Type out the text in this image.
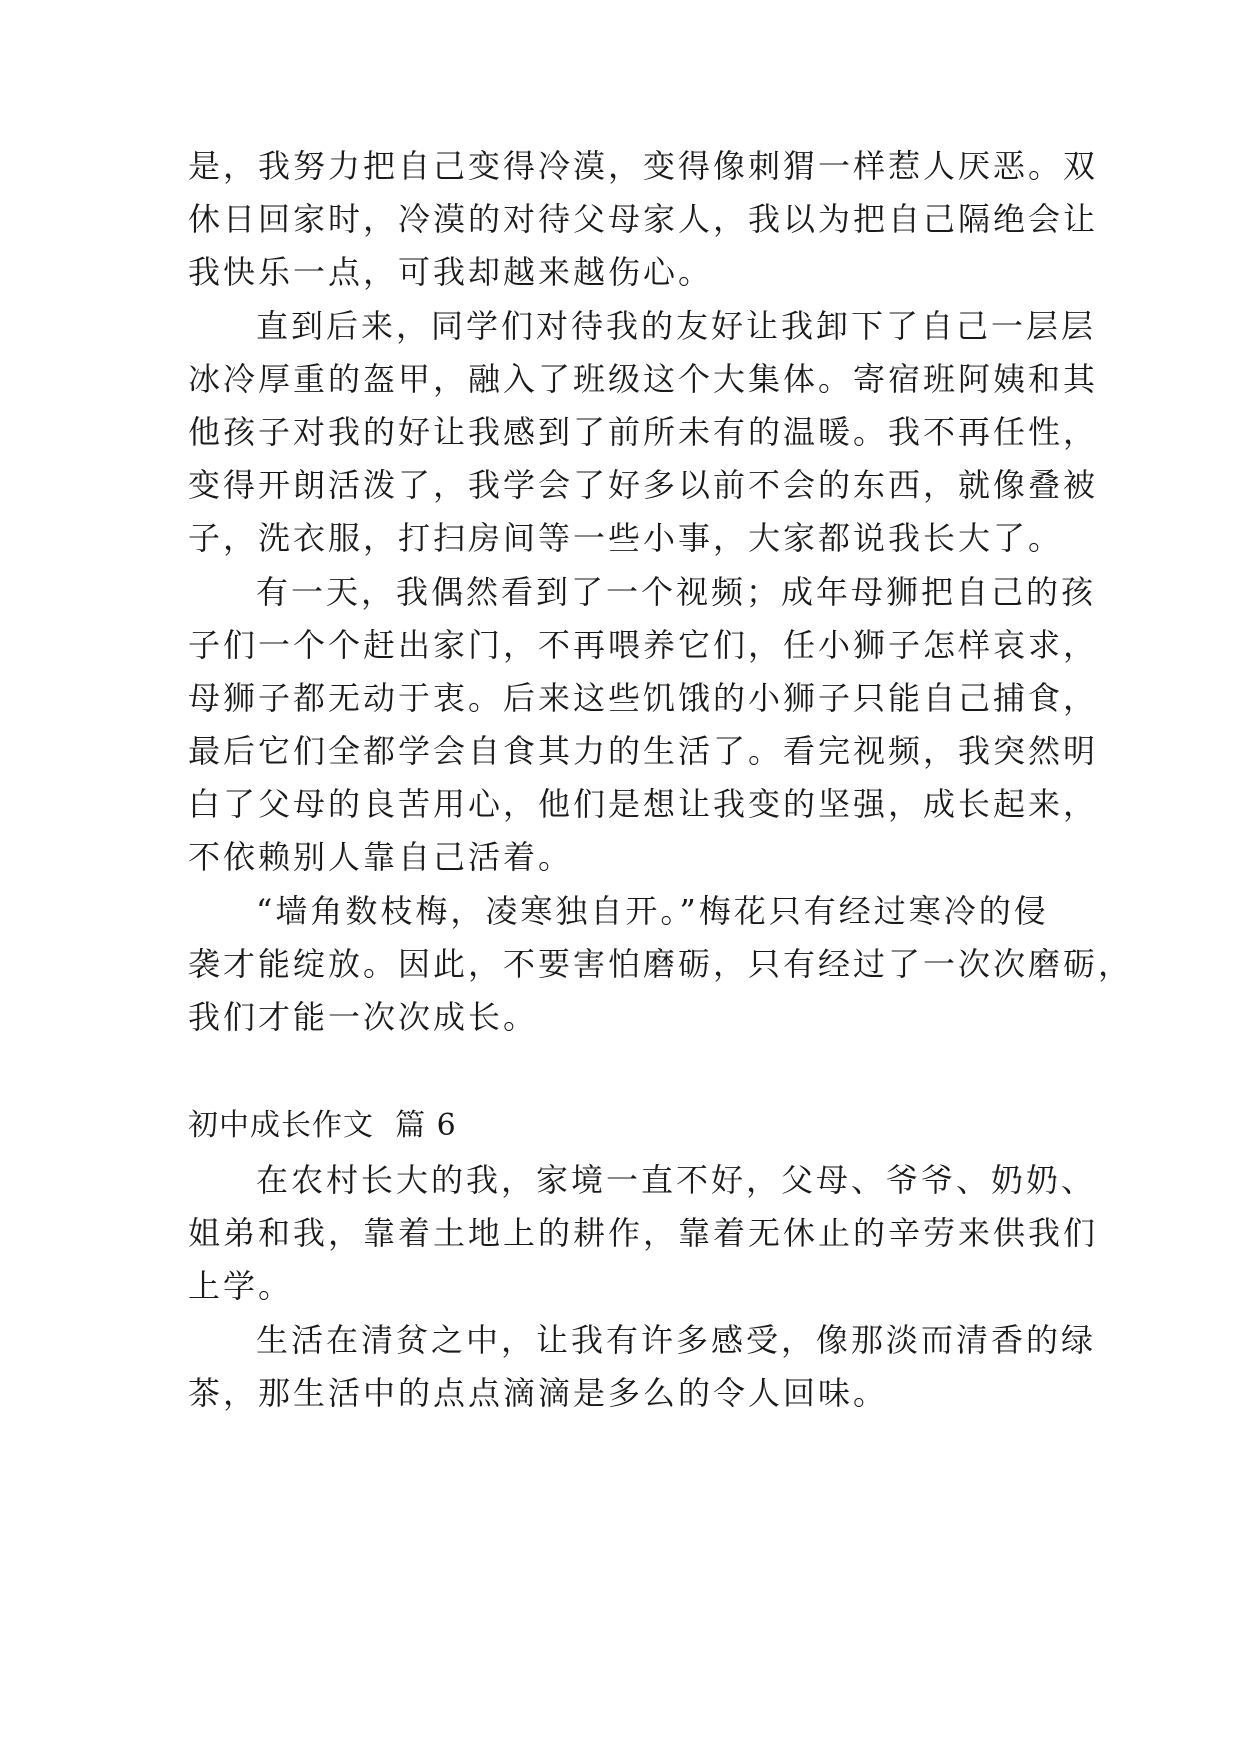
是，我努力把自己变得冷漠，变得像刺猬一样惹人厌恶。双

休日回家时，冷漠的对待父母家人，我以为把自己隔绝会让

我快乐一点，可我却越来越伤心。

直到后来，同学们对待我的友好让我卸下了自己一层层

冰冷厚重的盔甲，融入了班级这个大集体。寄宿班阿姨和其

他孩子对我的好让我感到了前所未有的温暖。我不再任性，

变得开朗活泼了，我学会了好多以前不会的东西，就像叠被

子，洗衣服，打扫房间等一些小事，大家都说我长大了。

有一天，我偶然看到了一个视频；成年母狮把自己的孩

子们一个个赶出家门，不再喂养它们，任小狮子怎样哀求，

母狮子都无动于衷。后来这些饥饿的小狮子只能自己捕食，

最后它们全都学会自食其力的生活了。看完视频，我突然明

白了父母的良苦用心，他们是想让我变的坚强，成长起来，

不依赖别人靠自己活着。

“墙角数枝梅，凌寒独自开。”梅花只有经过寒冷的侵

袭才能绽放。因此，不要害怕磨砺，只有经过了一次次磨砺，

我们才能一次次成长。

初中成长作文  篇 6

在农村长大的我，家境一直不好，父母、爷爷、奶奶、

姐弟和我，靠着土地上的耕作，靠着无休止的辛劳来供我们

上学。

生活在清贫之中，让我有许多感受，像那淡而清香的绿

茶，那生活中的点点滴滴是多么的令人回味。
